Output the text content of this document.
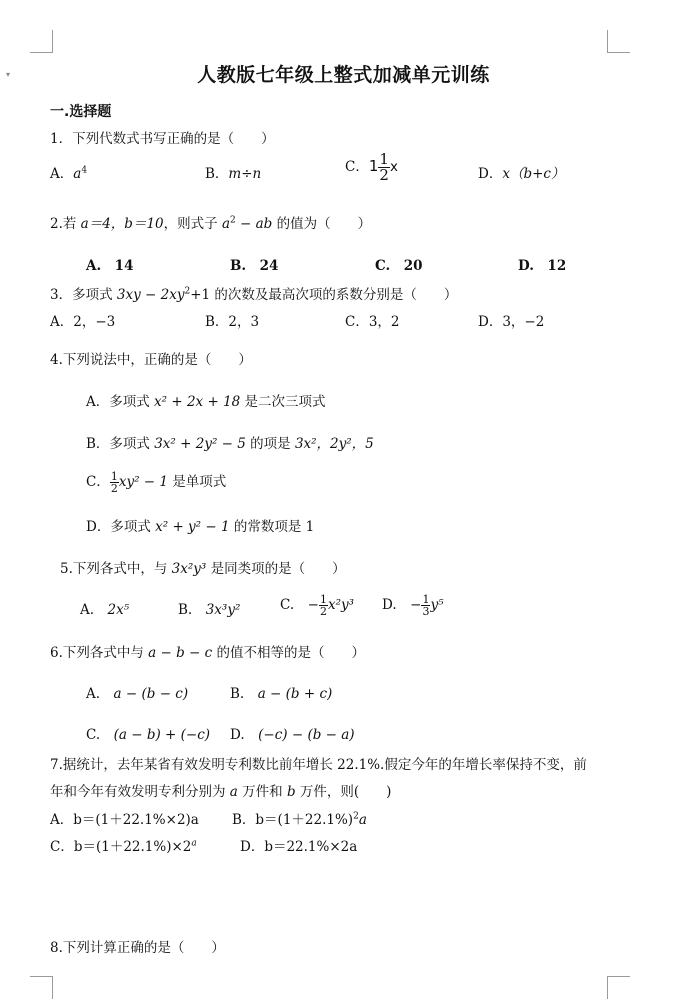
▾	人教版七年级上整式加减单元训练
一.选择题
1．下列代数式书写正确的是（　　）
A．$a^4$	B．m÷n	C．$1 \frac{1}{2}$ x	D．x（b+c）
2.若 a＝4，b＝10，则式子 $a^2$ − ab 的值为（　　）
A.　14	B.　24	C.　20	D.　12
3．多项式 $3xy - 2xy^2+1$ 的次数及最高次项的系数分别是（　　）
A．2，−3	B．2，3	C．3，2	D．3，−2
4.下列说法中，正确的是（　　）
A．多项式 x² + 2x + 18 是二次三项式
B．多项式 3x² + 2y² − 5 的项是 3x²，2y²，5
C． $\frac{1}{2} xy^2 - 1$ 是单项式
D．多项式 x² + y² − 1 的常数项是 1
5.下列各式中，与 3x²y³ 是同类项的是（　　）
A.　2x⁵	B.　3x³y²	C.　− $\frac{1}{2} x^2y^3$ D.　− $\frac{1}{3} y^5$
6.下列各式中与 a − b − c 的值不相等的是（　　）
A.　a − (b − c)	B.　a − (b + c)
C.　(a − b) + (−c) D.　(−c) − (b − a)
7.据统计，去年某省有效发明专利数比前年增长 22.1%.假定今年的年增长率保持不变，前
年和今年有效发明专利分别为 a 万件和 b 万件，则(　　)
A．b＝(1＋22.1%×2)a B．$b=(1+22.1\%)^2a$
C．$b=(1+22.1\%)\times 2^a$	D．b＝22.1%×2a
8.下列计算正确的是（　　）
